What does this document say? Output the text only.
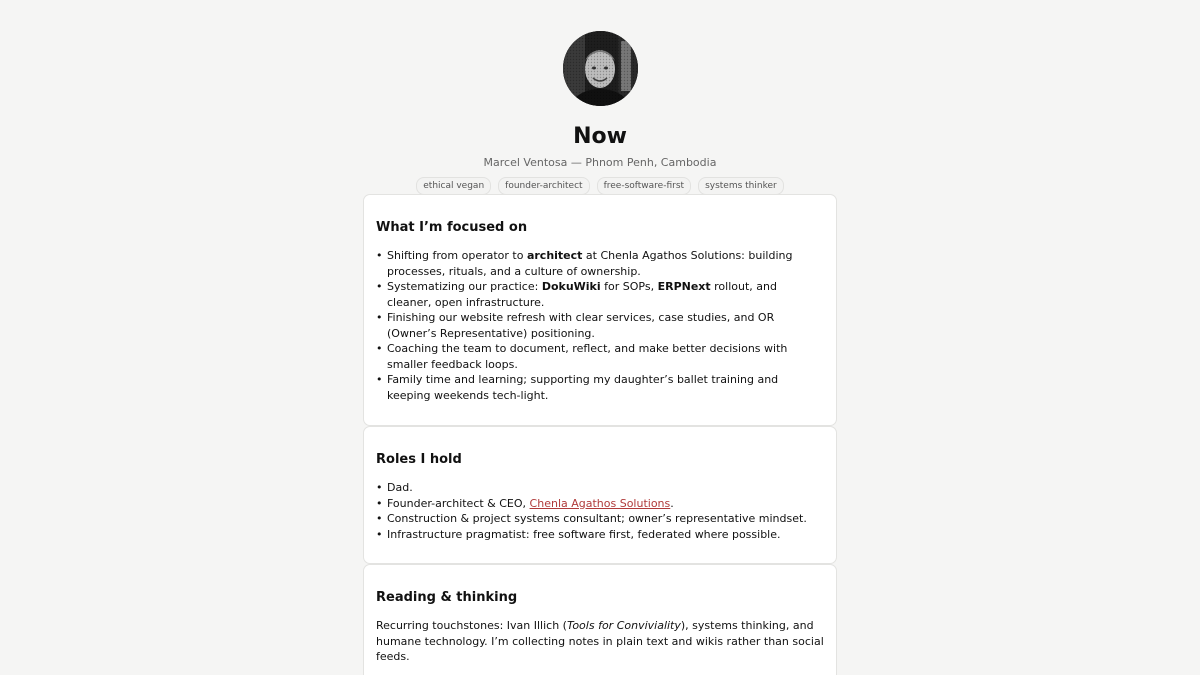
Now
Marcel Ventosa — Phnom Penh, Cambodia
ethical vegan	founder-architect	free-software-first	systems thinker
What I’m focused on
• Shifting from operator to architect at Chenla Agathos Solutions: building processes, rituals, and a culture of ownership.
• Systematizing our practice: DokuWiki for SOPs, ERPNext rollout, and cleaner, open infrastructure.
• Finishing our website refresh with clear services, case studies, and OR (Owner’s Representative) positioning.
• Coaching the team to document, reflect, and make better decisions with smaller feedback loops.
• Family time and learning; supporting my daughter’s ballet training and keeping weekends tech-light.
Roles I hold
• Dad.
• Founder-architect & CEO, Chenla Agathos Solutions.
• Construction & project systems consultant; owner’s representative mindset.
• Infrastructure pragmatist: free software first, federated where possible.
Reading & thinking

Recurring touchstones: Ivan Illich (Tools for Conviviality), systems thinking, and humane technology. I’m collecting notes in plain text and wikis rather than social feeds.
